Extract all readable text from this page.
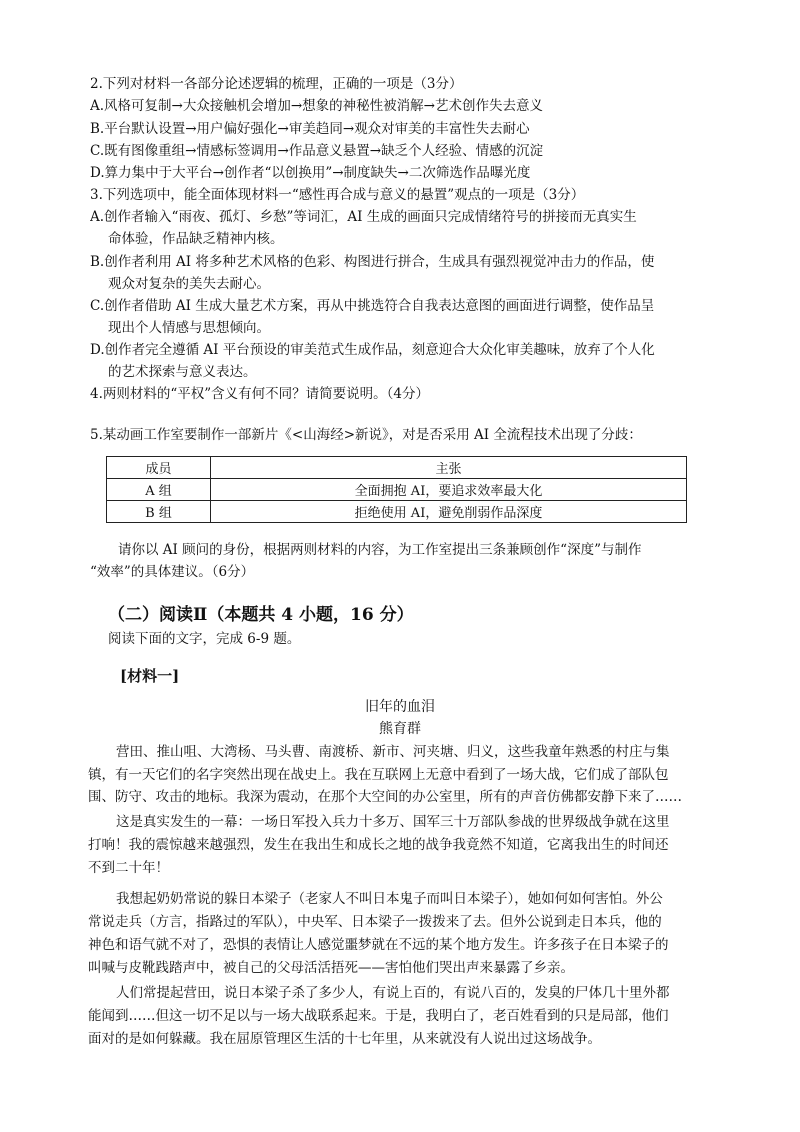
2.下列对材料一各部分论述逻辑的梳理，正确的一项是（3分）
A.风格可复制→大众接触机会增加→想象的神秘性被消解→艺术创作失去意义
B.平台默认设置→用户偏好强化→审美趋同→观众对审美的丰富性失去耐心
C.既有图像重组→情感标签调用→作品意义悬置→缺乏个人经验、情感的沉淀
D.算力集中于大平台→创作者“以创换用”→制度缺失→二次筛选作品曝光度
3.下列选项中，能全面体现材料一“感性再合成与意义的悬置”观点的一项是（3分）
A.创作者输入“雨夜、孤灯、乡愁”等词汇，AI 生成的画面只完成情绪符号的拼接而无真实生
命体验，作品缺乏精神内核。
B.创作者利用 AI 将多种艺术风格的色彩、构图进行拼合，生成具有强烈视觉冲击力的作品，使
观众对复杂的美失去耐心。
C.创作者借助 AI 生成大量艺术方案，再从中挑选符合自我表达意图的画面进行调整，使作品呈
现出个人情感与思想倾向。
D.创作者完全遵循 AI 平台预设的审美范式生成作品，刻意迎合大众化审美趣味，放弃了个人化
的艺术探索与意义表达。
4.两则材料的“平权”含义有何不同？请简要说明。（4分）
5.某动画工作室要制作一部新片《<山海经>新说》，对是否采用 AI 全流程技术出现了分歧：
成员	主张
A 组	全面拥抱 AI，要追求效率最大化
B 组	拒绝使用 AI，避免削弱作品深度
请你以 AI 顾问的身份，根据两则材料的内容，为工作室提出三条兼顾创作“深度”与制作
“效率”的具体建议。（6分）
（二）阅读Ⅱ（本题共 4 小题，16 分）
阅读下面的文字，完成 6-9 题。
[材料一]
旧年的血泪
熊育群
营田、推山咀、大湾杨、马头曹、南渡桥、新市、河夹塘、归义，这些我童年熟悉的村庄与集
镇，有一天它们的名字突然出现在战史上。我在互联网上无意中看到了一场大战，它们成了部队包
围、防守、攻击的地标。我深为震动，在那个大空间的办公室里，所有的声音仿佛都安静下来了……
这是真实发生的一幕：一场日军投入兵力十多万、国军三十万部队参战的世界级战争就在这里
打响！我的震惊越来越强烈，发生在我出生和成长之地的战争我竟然不知道，它离我出生的时间还
不到二十年！
我想起奶奶常说的躲日本梁子（老家人不叫日本鬼子而叫日本梁子），她如何如何害怕。外公
常说走兵（方言，指路过的军队），中央军、日本梁子一拨拨来了去。但外公说到走日本兵，他的
神色和语气就不对了，恐惧的表情让人感觉噩梦就在不远的某个地方发生。许多孩子在日本梁子的
叫喊与皮靴践踏声中，被自己的父母活活捂死——害怕他们哭出声来暴露了乡亲。
人们常提起营田，说日本梁子杀了多少人，有说上百的，有说八百的，发臭的尸体几十里外都
能闻到……但这一切不足以与一场大战联系起来。于是，我明白了，老百姓看到的只是局部，他们
面对的是如何躲藏。我在屈原管理区生活的十七年里，从来就没有人说出过这场战争。
